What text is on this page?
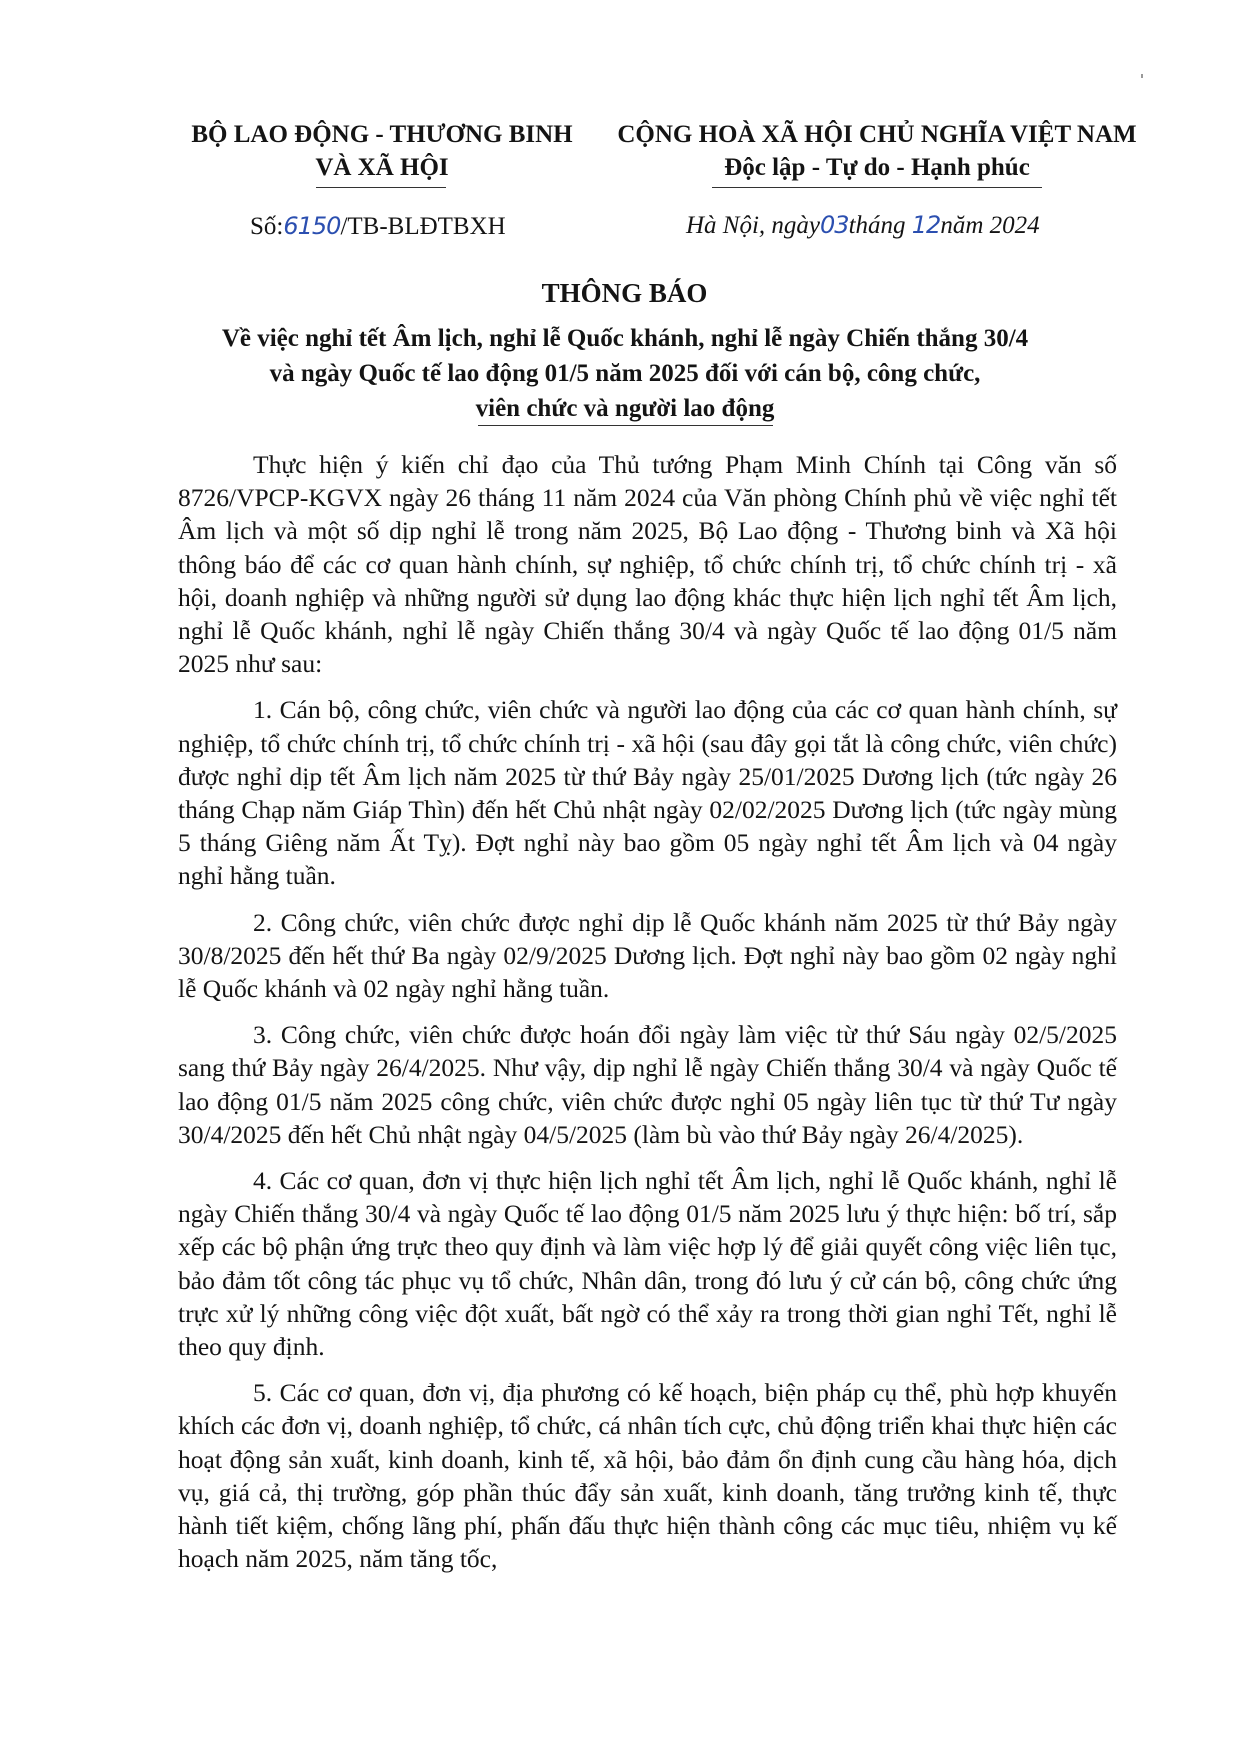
BỘ LAO ĐỘNG - THƯƠNG BINH
VÀ XÃ HỘI
CỘNG HOÀ XÃ HỘI CHỦ NGHĨA VIỆT NAM
Độc lập - Tự do - Hạnh phúc
Số:6150/TB-BLĐTBXH	Hà Nội, ngày03tháng 12năm 2024
THÔNG BÁO
Về việc nghỉ tết Âm lịch, nghỉ lễ Quốc khánh, nghỉ lễ ngày Chiến thắng 30/4
và ngày Quốc tế lao động 01/5 năm 2025 đối với cán bộ, công chức,
viên chức và người lao động

Thực hiện ý kiến chỉ đạo của Thủ tướng Phạm Minh Chính tại Công văn số 8726/VPCP-KGVX ngày 26 tháng 11 năm 2024 của Văn phòng Chính phủ về việc nghỉ tết Âm lịch và một số dịp nghỉ lễ trong năm 2025, Bộ Lao động - Thương binh và Xã hội thông báo để các cơ quan hành chính, sự nghiệp, tổ chức chính trị, tổ chức chính trị - xã hội, doanh nghiệp và những người sử dụng lao động khác thực hiện lịch nghỉ tết Âm lịch, nghỉ lễ Quốc khánh, nghỉ lễ ngày Chiến thắng 30/4 và ngày Quốc tế lao động 01/5 năm 2025 như sau:

1. Cán bộ, công chức, viên chức và người lao động của các cơ quan hành chính, sự nghiệp, tổ chức chính trị, tổ chức chính trị - xã hội (sau đây gọi tắt là công chức, viên chức) được nghỉ dịp tết Âm lịch năm 2025 từ thứ Bảy ngày 25/01/2025 Dương lịch (tức ngày 26 tháng Chạp năm Giáp Thìn) đến hết Chủ nhật ngày 02/02/2025 Dương lịch (tức ngày mùng 5 tháng Giêng năm Ất Tỵ). Đợt nghỉ này bao gồm 05 ngày nghỉ tết Âm lịch và 04 ngày nghỉ hằng tuần.

2. Công chức, viên chức được nghỉ dịp lễ Quốc khánh năm 2025 từ thứ Bảy ngày 30/8/2025 đến hết thứ Ba ngày 02/9/2025 Dương lịch. Đợt nghỉ này bao gồm 02 ngày nghỉ lễ Quốc khánh và 02 ngày nghỉ hằng tuần.

3. Công chức, viên chức được hoán đổi ngày làm việc từ thứ Sáu ngày 02/5/2025 sang thứ Bảy ngày 26/4/2025. Như vậy, dịp nghỉ lễ ngày Chiến thắng 30/4 và ngày Quốc tế lao động 01/5 năm 2025 công chức, viên chức được nghỉ 05 ngày liên tục từ thứ Tư ngày 30/4/2025 đến hết Chủ nhật ngày 04/5/2025 (làm bù vào thứ Bảy ngày 26/4/2025).

4. Các cơ quan, đơn vị thực hiện lịch nghỉ tết Âm lịch, nghỉ lễ Quốc khánh, nghỉ lễ ngày Chiến thắng 30/4 và ngày Quốc tế lao động 01/5 năm 2025 lưu ý thực hiện: bố trí, sắp xếp các bộ phận ứng trực theo quy định và làm việc hợp lý để giải quyết công việc liên tục, bảo đảm tốt công tác phục vụ tổ chức, Nhân dân, trong đó lưu ý cử cán bộ, công chức ứng trực xử lý những công việc đột xuất, bất ngờ có thể xảy ra trong thời gian nghỉ Tết, nghỉ lễ theo quy định.

5. Các cơ quan, đơn vị, địa phương có kế hoạch, biện pháp cụ thể, phù hợp khuyến khích các đơn vị, doanh nghiệp, tổ chức, cá nhân tích cực, chủ động triển khai thực hiện các hoạt động sản xuất, kinh doanh, kinh tế, xã hội, bảo đảm ổn định cung cầu hàng hóa, dịch vụ, giá cả, thị trường, góp phần thúc đẩy sản xuất, kinh doanh, tăng trưởng kinh tế, thực hành tiết kiệm, chống lãng phí, phấn đấu thực hiện thành công các mục tiêu, nhiệm vụ kế hoạch năm 2025, năm tăng tốc,
